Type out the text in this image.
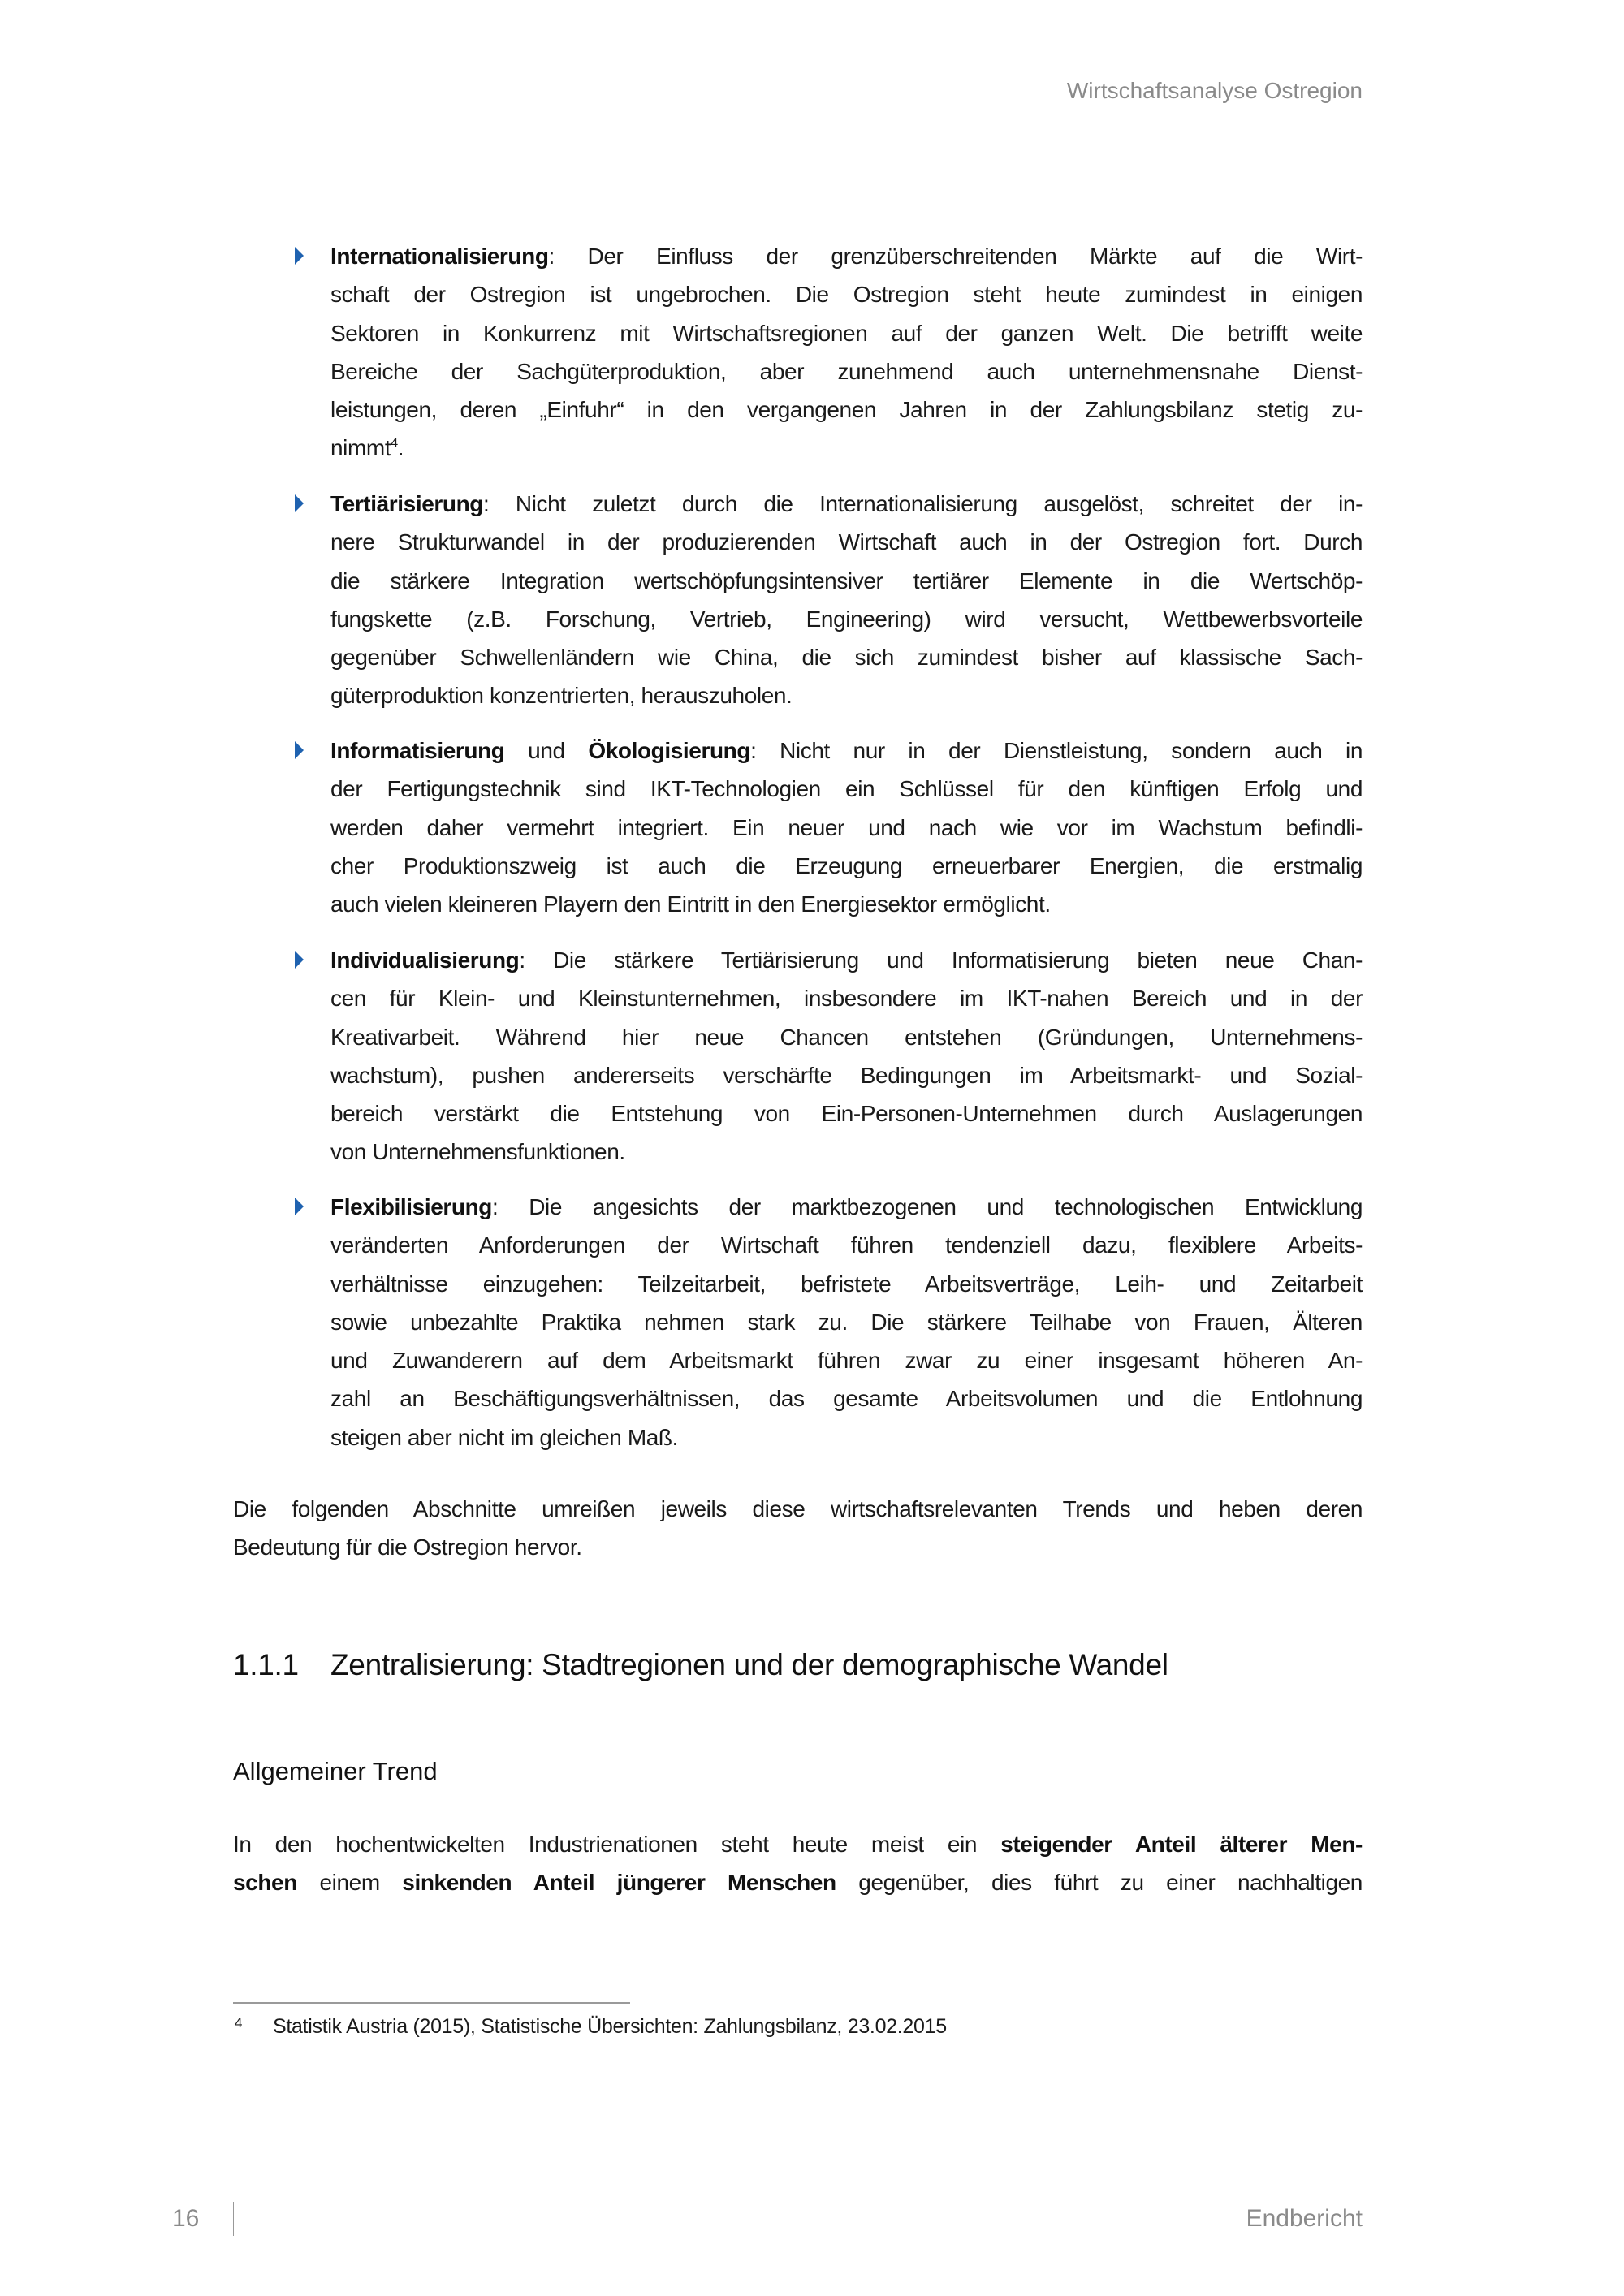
Wirtschaftsanalyse Ostregion
Internationalisierung: Der Einfluss der grenzüberschreitenden Märkte auf die Wirt-
schaft der Ostregion ist ungebrochen. Die Ostregion steht heute zumindest in einigen
Sektoren in Konkurrenz mit Wirtschaftsregionen auf der ganzen Welt. Die betrifft weite
Bereiche der Sachgüterproduktion, aber zunehmend auch unternehmensnahe Dienst-
leistungen, deren „Einfuhr“ in den vergangenen Jahren in der Zahlungsbilanz stetig zu-
nimmt$^4$.
Tertiärisierung: Nicht zuletzt durch die Internationalisierung ausgelöst, schreitet der in-
nere Strukturwandel in der produzierenden Wirtschaft auch in der Ostregion fort. Durch
die stärkere Integration wertschöpfungsintensiver tertiärer Elemente in die Wertschöp-
fungskette (z.B. Forschung, Vertrieb, Engineering) wird versucht, Wettbewerbsvorteile
gegenüber Schwellenländern wie China, die sich zumindest bisher auf klassische Sach-
güterproduktion konzentrierten, herauszuholen.
Informatisierung und Ökologisierung: Nicht nur in der Dienstleistung, sondern auch in
der Fertigungstechnik sind IKT-Technologien ein Schlüssel für den künftigen Erfolg und
werden daher vermehrt integriert. Ein neuer und nach wie vor im Wachstum befindli-
cher Produktionszweig ist auch die Erzeugung erneuerbarer Energien, die erstmalig
auch vielen kleineren Playern den Eintritt in den Energiesektor ermöglicht.
Individualisierung: Die stärkere Tertiärisierung und Informatisierung bieten neue Chan-
cen für Klein- und Kleinstunternehmen, insbesondere im IKT-nahen Bereich und in der
Kreativarbeit. Während hier neue Chancen entstehen (Gründungen, Unternehmens-
wachstum), pushen andererseits verschärfte Bedingungen im Arbeitsmarkt- und Sozial-
bereich verstärkt die Entstehung von Ein-Personen-Unternehmen durch Auslagerungen
von Unternehmensfunktionen.
Flexibilisierung: Die angesichts der marktbezogenen und technologischen Entwicklung
veränderten Anforderungen der Wirtschaft führen tendenziell dazu, flexiblere Arbeits-
verhältnisse einzugehen: Teilzeitarbeit, befristete Arbeitsverträge, Leih- und Zeitarbeit
sowie unbezahlte Praktika nehmen stark zu. Die stärkere Teilhabe von Frauen, Älteren
und Zuwanderern auf dem Arbeitsmarkt führen zwar zu einer insgesamt höheren An-
zahl an Beschäftigungsverhältnissen, das gesamte Arbeitsvolumen und die Entlohnung
steigen aber nicht im gleichen Maß.
Die folgenden Abschnitte umreißen jeweils diese wirtschaftsrelevanten Trends und heben deren
Bedeutung für die Ostregion hervor.
1.1.1 Zentralisierung: Stadtregionen und der demographische Wandel
Allgemeiner Trend
In den hochentwickelten Industrienationen steht heute meist ein steigender Anteil älterer Men-
schen einem sinkenden Anteil jüngerer Menschen gegenüber, dies führt zu einer nachhaltigen
4 Statistik Austria (2015), Statistische Übersichten: Zahlungsbilanz, 23.02.2015
16	Endbericht
